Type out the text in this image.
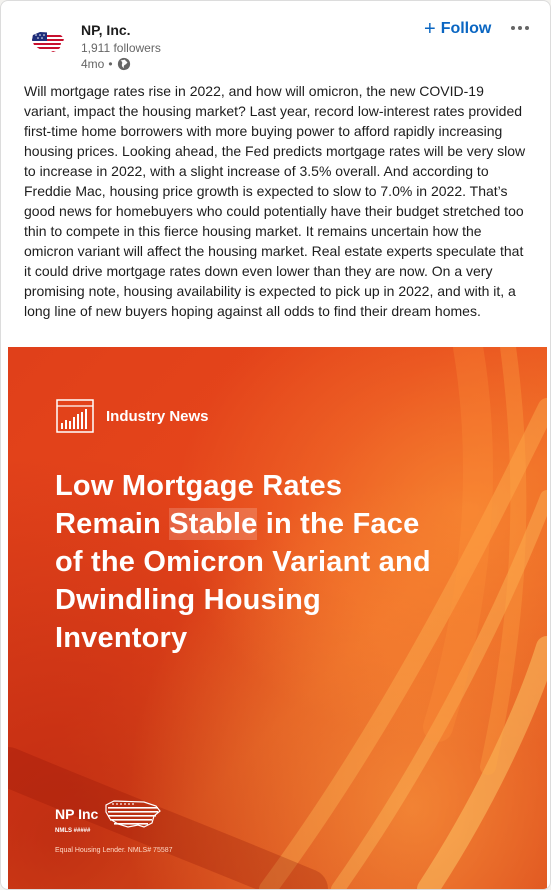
NP, Inc.
1,911 followers
4mo •
+ Follow
Will mortgage rates rise in 2022, and how will omicron, the new COVID-19 variant, impact the housing market? Last year, record low-interest rates provided first-time home borrowers with more buying power to afford rapidly increasing housing prices. Looking ahead, the Fed predicts mortgage rates will be very slow to increase in 2022, with a slight increase of 3.5% overall. And according to Freddie Mac, housing price growth is expected to slow to 7.0% in 2022. That’s good news for homebuyers who could potentially have their budget stretched too thin to compete in this fierce housing market. It remains uncertain how the omicron variant will affect the housing market. Real estate experts speculate that it could drive mortgage rates down even lower than they are now. On a very promising note, housing availability is expected to pick up in 2022, and with it, a long line of new buyers hoping against all odds to find their dream homes.
Industry News
Low Mortgage Rates Remain Stable in the Face of the Omicron Variant and Dwindling Housing Inventory
NP Inc
NMLS #####
Equal Housing Lender. NMLS# 75587
